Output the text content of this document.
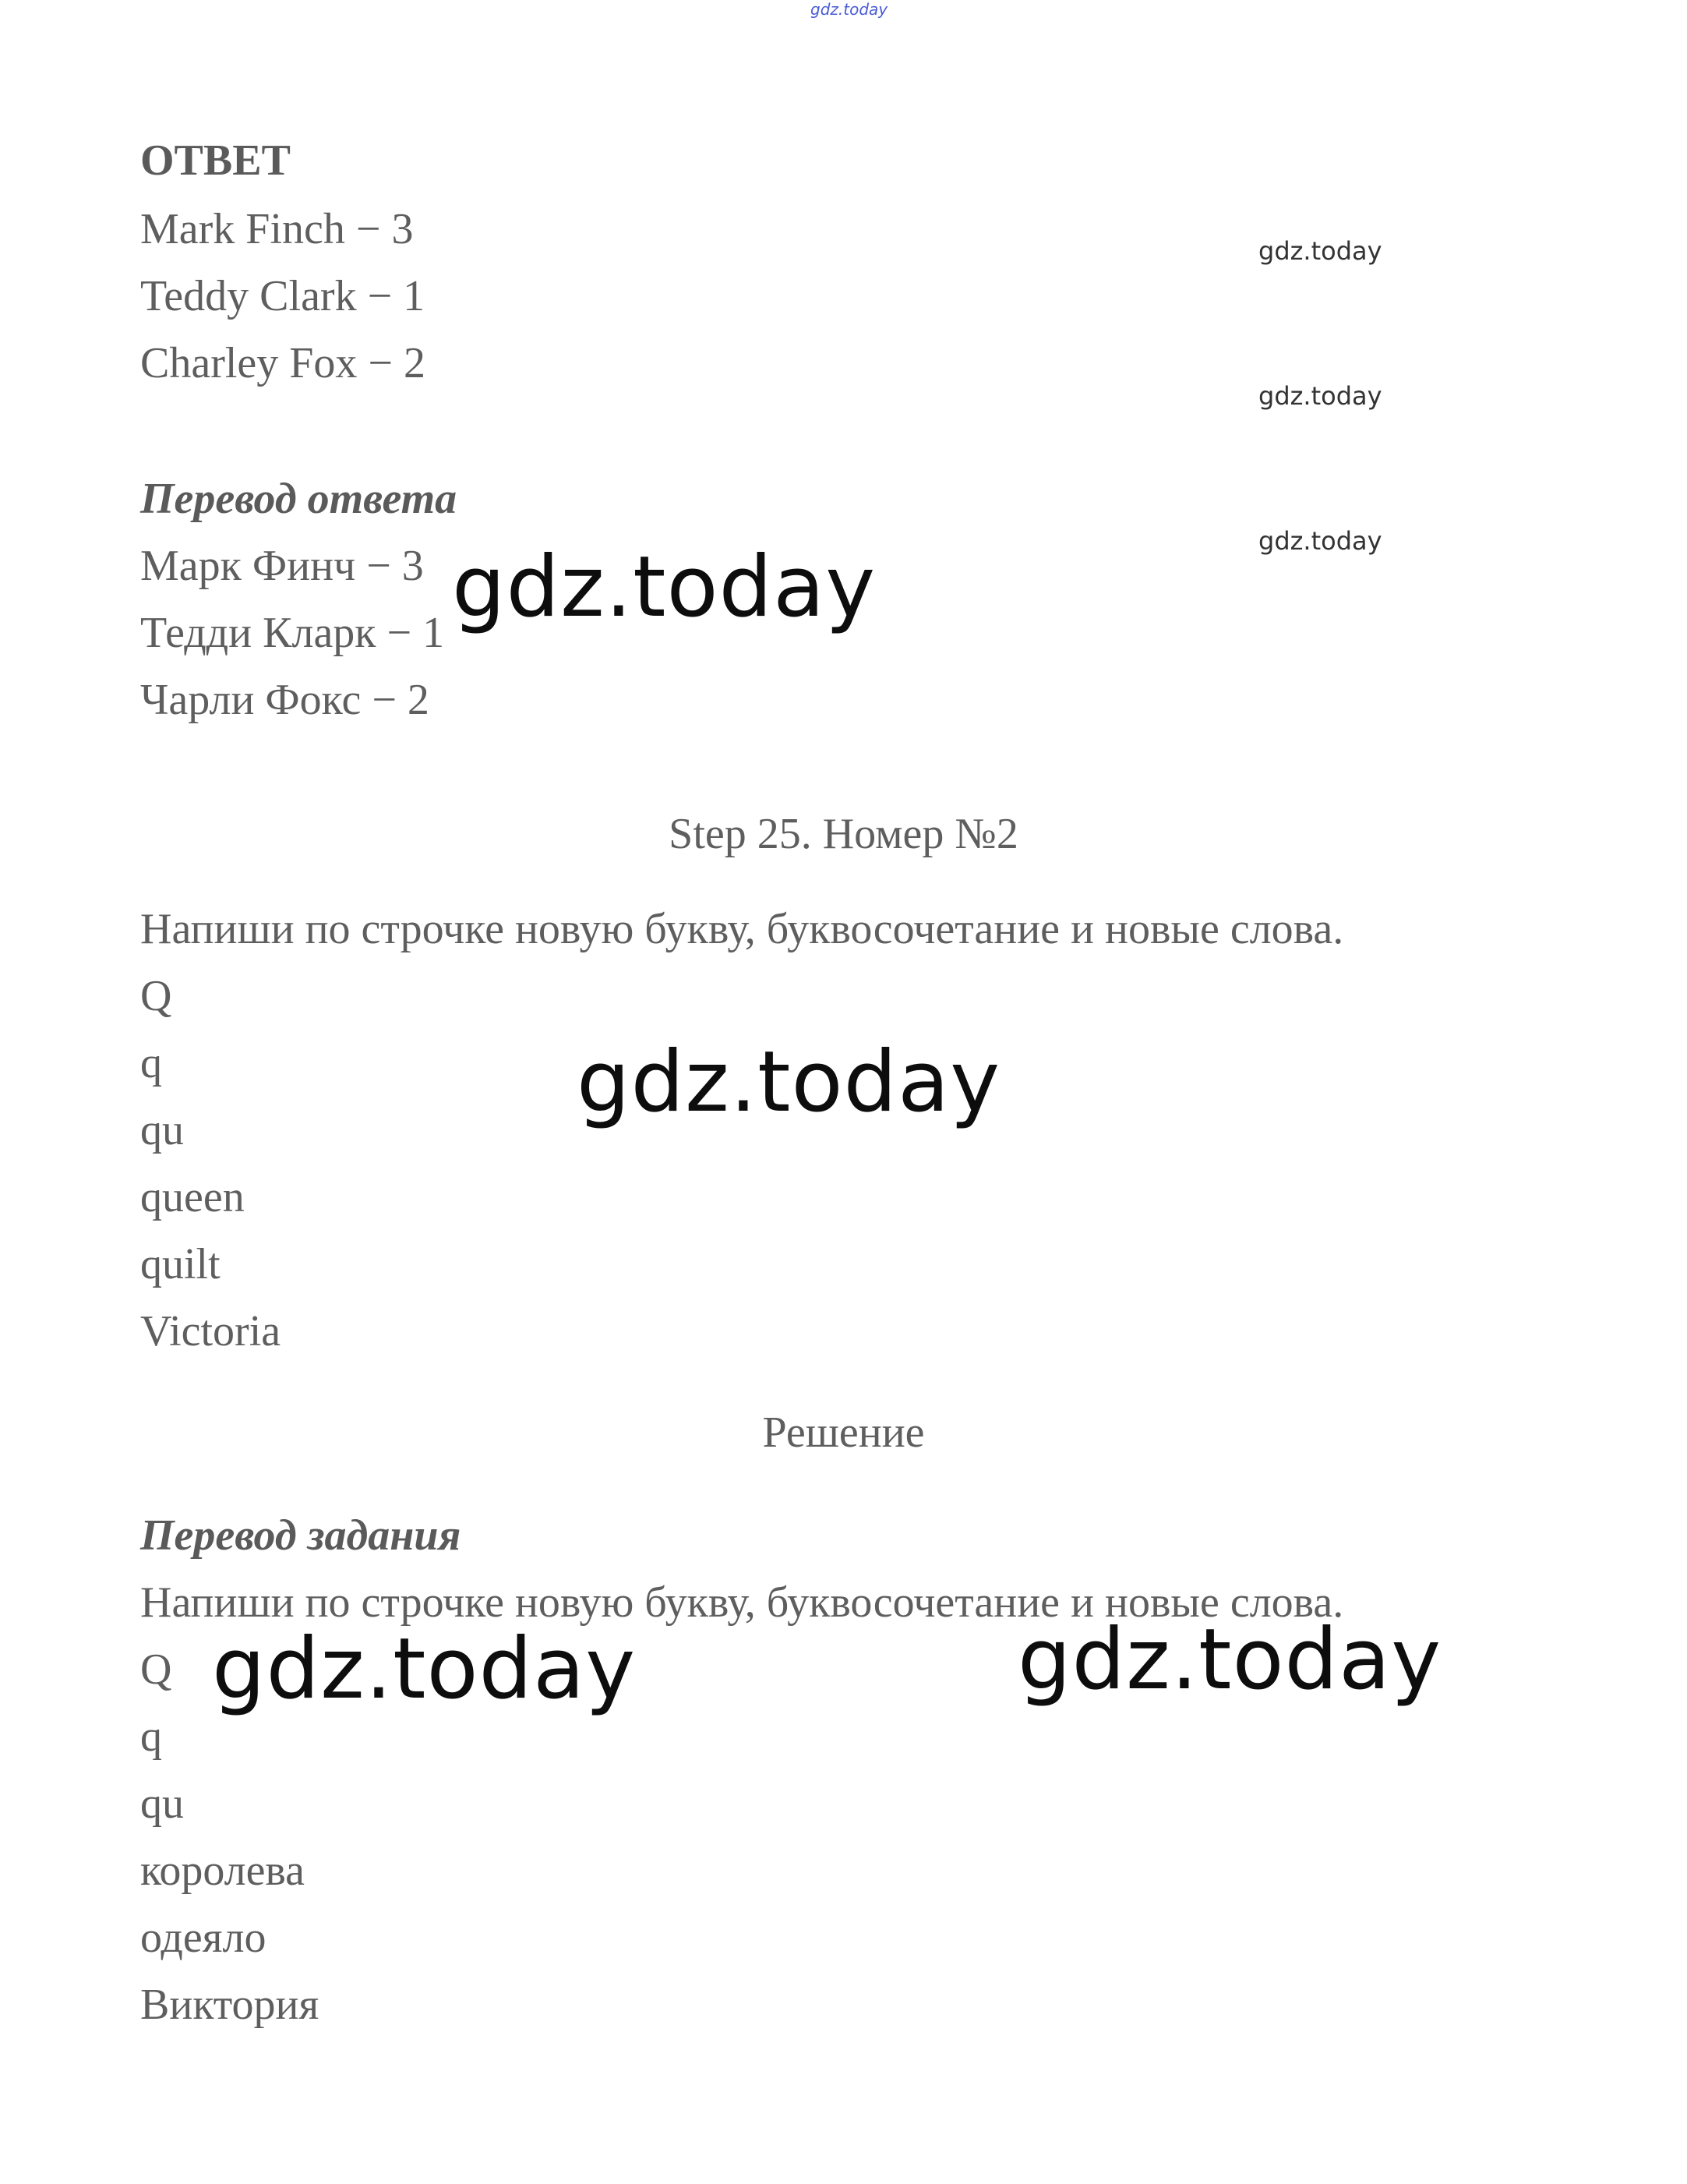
gdz.today
ОТВЕТ
Mark Finch − 3
Teddy Clark − 1
Charley Fox − 2
gdz.today
gdz.today
gdz.today
Перевод ответа
Марк Финч − 3
Тедди Кларк − 1
Чарли Фокс − 2
gdz.today
Step 25. Номер №2
Напиши по строчке новую букву, буквосочетание и новые слова.
Q
q
qu
queen
quilt
Victoria
gdz.today
Решение
Перевод задания
Напиши по строчке новую букву, буквосочетание и новые слова.
Q
q
qu
королева
одеяло
Виктория
gdz.today	gdz.today
